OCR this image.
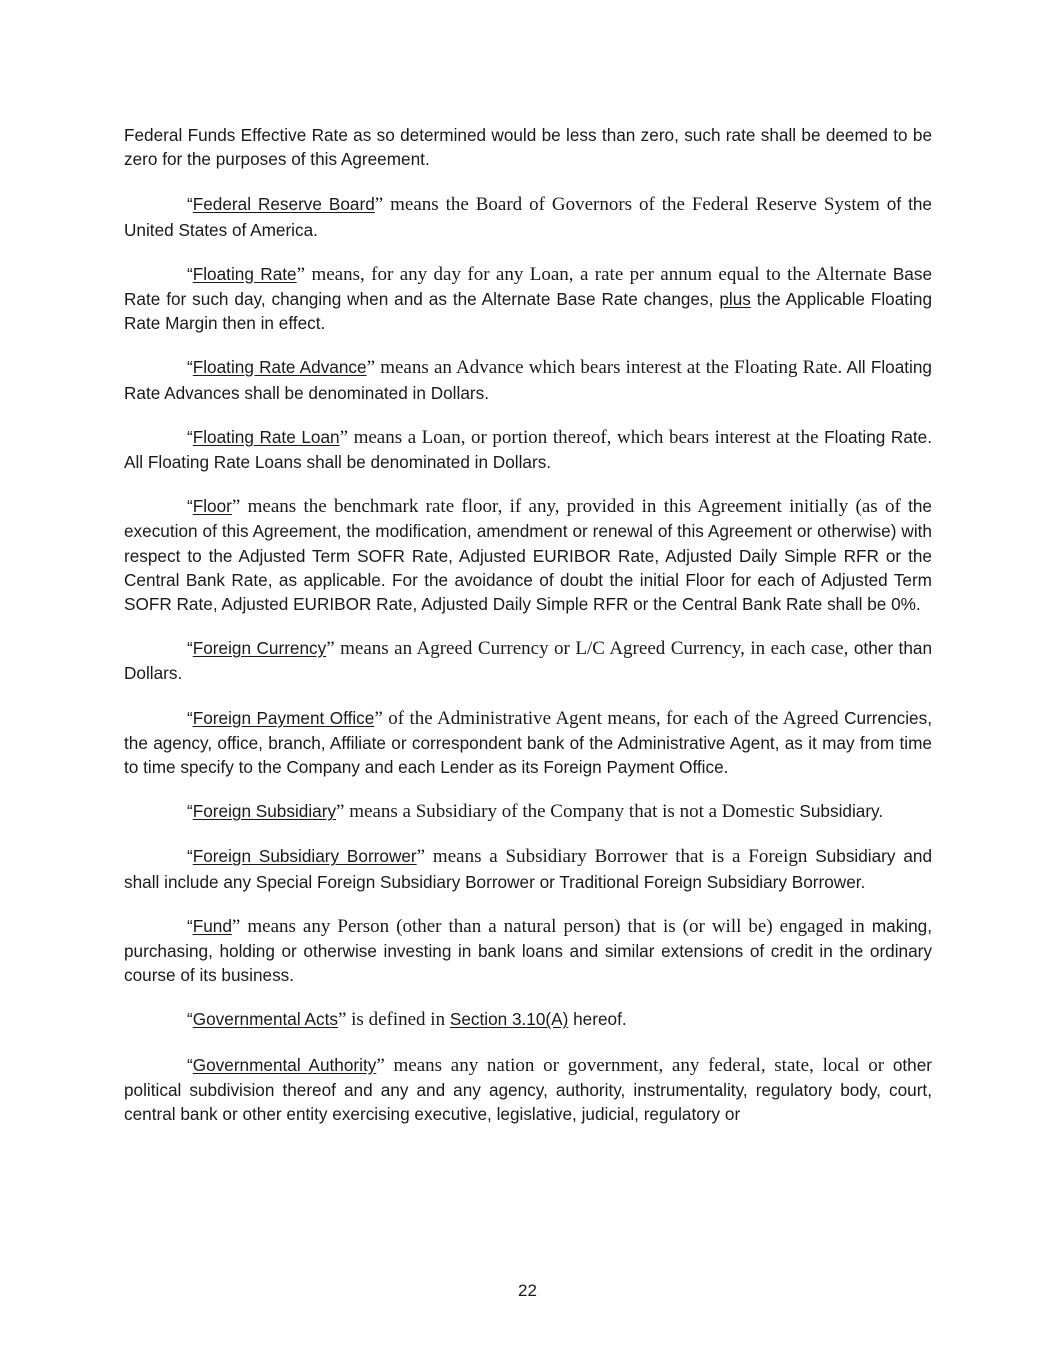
Federal Funds Effective Rate as so determined would be less than zero, such rate shall be deemed to be zero for the purposes of this Agreement.

“Federal Reserve Board” means the Board of Governors of the Federal Reserve System of the United States of America.

“Floating Rate” means, for any day for any Loan, a rate per annum equal to the Alternate Base Rate for such day, changing when and as the Alternate Base Rate changes, plus the Applicable Floating Rate Margin then in effect.

“Floating Rate Advance” means an Advance which bears interest at the Floating Rate. All Floating Rate Advances shall be denominated in Dollars.

“Floating Rate Loan” means a Loan, or portion thereof, which bears interest at the Floating Rate. All Floating Rate Loans shall be denominated in Dollars.

“Floor” means the benchmark rate floor, if any, provided in this Agreement initially (as of the execution of this Agreement, the modification, amendment or renewal of this Agreement or otherwise) with respect to the Adjusted Term SOFR Rate, Adjusted EURIBOR Rate, Adjusted Daily Simple RFR or the Central Bank Rate, as applicable. For the avoidance of doubt the initial Floor for each of Adjusted Term SOFR Rate, Adjusted EURIBOR Rate, Adjusted Daily Simple RFR or the Central Bank Rate shall be 0%.

“Foreign Currency” means an Agreed Currency or L/C Agreed Currency, in each case, other than Dollars.

“Foreign Payment Office” of the Administrative Agent means, for each of the Agreed Currencies, the agency, office, branch, Affiliate or correspondent bank of the Administrative Agent, as it may from time to time specify to the Company and each Lender as its Foreign Payment Office.

“Foreign Subsidiary” means a Subsidiary of the Company that is not a Domestic Subsidiary.

“Foreign Subsidiary Borrower” means a Subsidiary Borrower that is a Foreign Subsidiary and shall include any Special Foreign Subsidiary Borrower or Traditional Foreign Subsidiary Borrower.

“Fund” means any Person (other than a natural person) that is (or will be) engaged in making, purchasing, holding or otherwise investing in bank loans and similar extensions of credit in the ordinary course of its business.

“Governmental Acts” is defined in Section 3.10(A) hereof.

“Governmental Authority” means any nation or government, any federal, state, local or other political subdivision thereof and any and any agency, authority, instrumentality, regulatory body, court, central bank or other entity exercising executive, legislative, judicial, regulatory or

22
